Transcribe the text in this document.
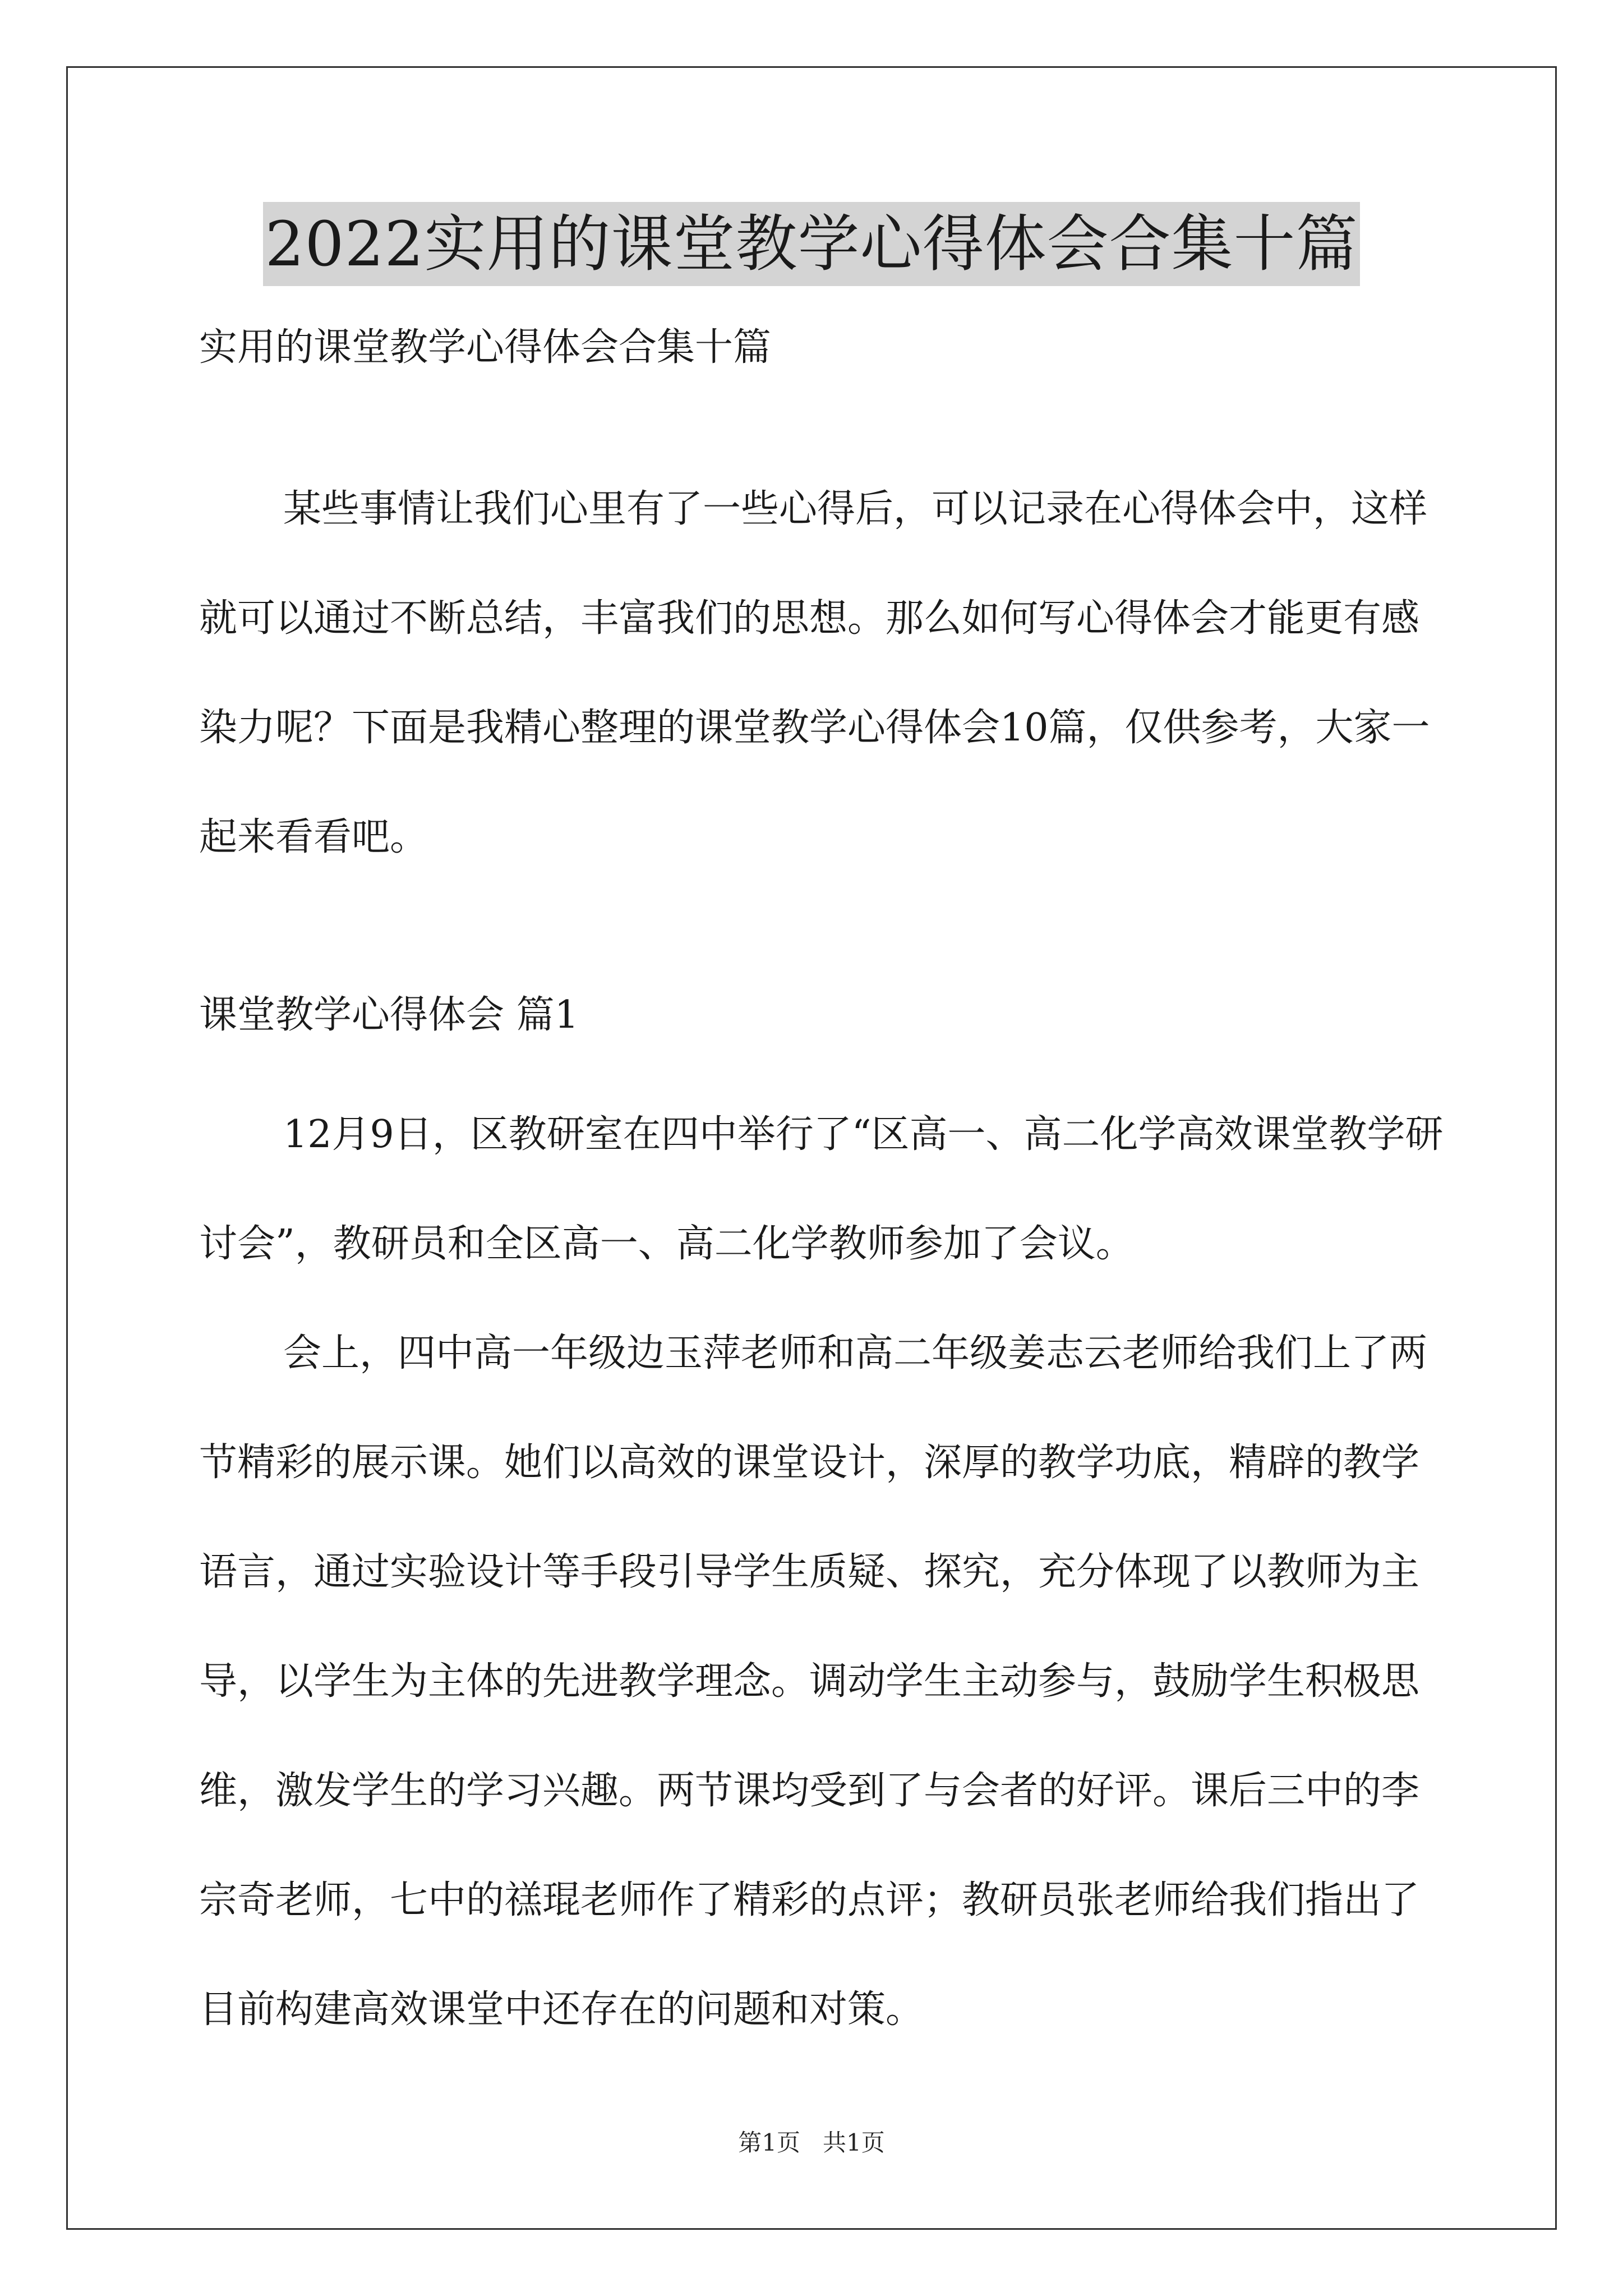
2022实用的课堂教学心得体会合集十篇

实用的课堂教学心得体会合集十篇

某些事情让我们心里有了一些心得后，可以记录在心得体会中，这样就可以通过不断总结，丰富我们的思想。那么如何写心得体会才能更有感染力呢？下面是我精心整理的课堂教学心得体会10篇，仅供参考，大家一起来看看吧。

课堂教学心得体会 篇1

12月9日，区教研室在四中举行了“区高一、高二化学高效课堂教学研讨会”，教研员和全区高一、高二化学教师参加了会议。

会上，四中高一年级边玉萍老师和高二年级姜志云老师给我们上了两节精彩的展示课。她们以高效的课堂设计，深厚的教学功底，精辟的教学语言，通过实验设计等手段引导学生质疑、探究，充分体现了以教师为主导，以学生为主体的先进教学理念。调动学生主动参与，鼓励学生积极思维，激发学生的学习兴趣。两节课均受到了与会者的好评。课后三中的李宗奇老师，七中的禚琨老师作了精彩的点评；教研员张老师给我们指出了目前构建高效课堂中还存在的问题和对策。

第1页 共1页
